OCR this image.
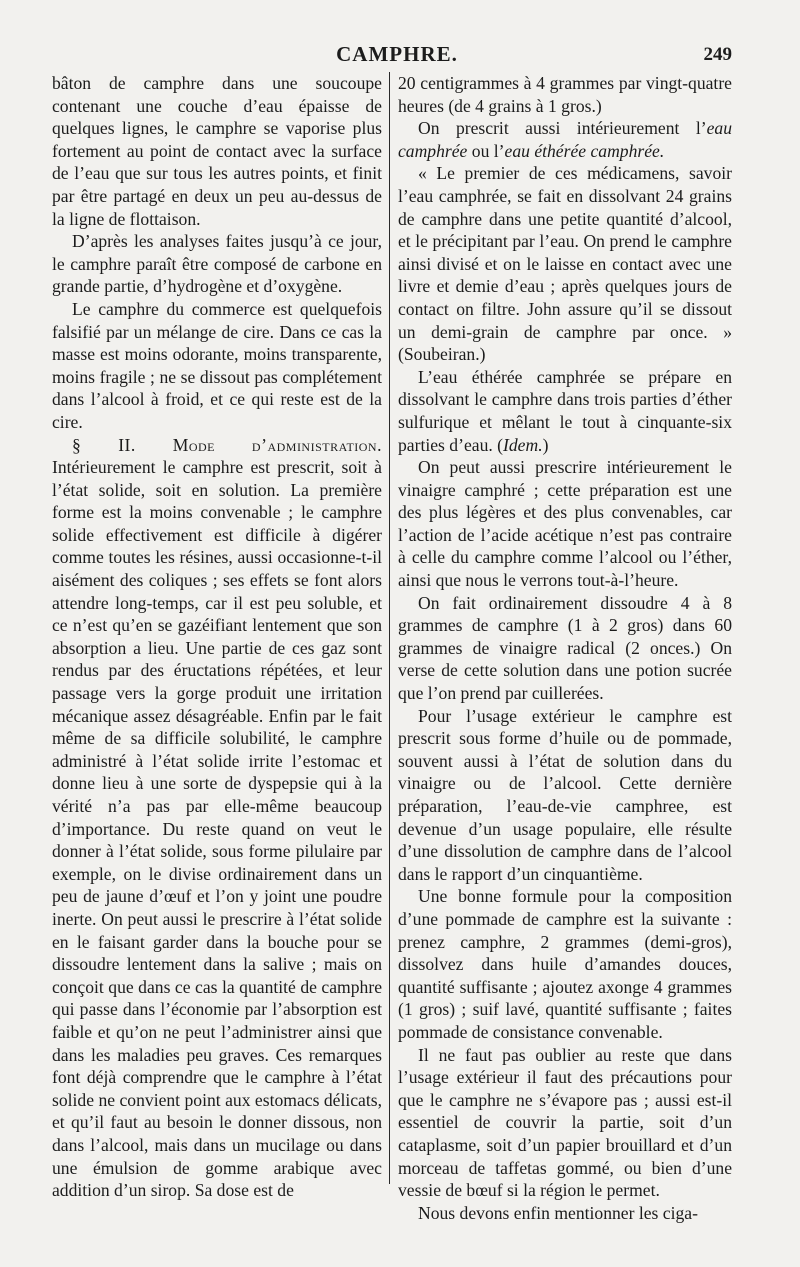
CAMPHRE.	249

bâton de camphre dans une soucoupe contenant une couche d’eau épaisse de quelques lignes, le camphre se vaporise plus fortement au point de contact avec la surface de l’eau que sur tous les autres points, et finit par être partagé en deux un peu au-dessus de la ligne de flottaison.

D’après les analyses faites jusqu’à ce jour, le camphre paraît être composé de carbone en grande partie, d’hydrogène et d’oxygène.

Le camphre du commerce est quelquefois falsifié par un mélange de cire. Dans ce cas la masse est moins odorante, moins transparente, moins fragile ; ne se dissout pas complétement dans l’alcool à froid, et ce qui reste est de la cire.

§ II. Mode d’administration. Intérieurement le camphre est prescrit, soit à l’état solide, soit en solution. La première forme est la moins convenable ; le camphre solide effectivement est difficile à digérer comme toutes les résines, aussi occasionne-t-il aisément des coliques ; ses effets se font alors attendre long-temps, car il est peu soluble, et ce n’est qu’en se gazéifiant lentement que son absorption a lieu. Une partie de ces gaz sont rendus par des éructations répétées, et leur passage vers la gorge produit une irritation mécanique assez désagréable. Enfin par le fait même de sa difficile solubilité, le camphre administré à l’état solide irrite l’estomac et donne lieu à une sorte de dyspepsie qui à la vérité n’a pas par elle-même beaucoup d’importance. Du reste quand on veut le donner à l’état solide, sous forme pilulaire par exemple, on le divise ordinairement dans un peu de jaune d’œuf et l’on y joint une poudre inerte. On peut aussi le prescrire à l’état solide en le faisant garder dans la bouche pour se dissoudre lentement dans la salive ; mais on conçoit que dans ce cas la quantité de camphre qui passe dans l’économie par l’absorption est faible et qu’on ne peut l’administrer ainsi que dans les maladies peu graves. Ces remarques font déjà comprendre que le camphre à l’état solide ne convient point aux estomacs délicats, et qu’il faut au besoin le donner dissous, non dans l’alcool, mais dans un mucilage ou dans une émulsion de gomme arabique avec addition d’un sirop. Sa dose est de

20 centigrammes à 4 grammes par vingt-quatre heures (de 4 grains à 1 gros.)

On prescrit aussi intérieurement l’eau camphrée ou l’eau éthérée camphrée.

« Le premier de ces médicamens, savoir l’eau camphrée, se fait en dissolvant 24 grains de camphre dans une petite quantité d’alcool, et le précipitant par l’eau. On prend le camphre ainsi divisé et on le laisse en contact avec une livre et demie d’eau ; après quelques jours de contact on filtre. John assure qu’il se dissout un demi-grain de camphre par once. » (Soubeiran.)

L’eau éthérée camphrée se prépare en dissolvant le camphre dans trois parties d’éther sulfurique et mêlant le tout à cinquante-six parties d’eau. (Idem.)

On peut aussi prescrire intérieurement le vinaigre camphré ; cette préparation est une des plus légères et des plus convenables, car l’action de l’acide acétique n’est pas contraire à celle du camphre comme l’alcool ou l’éther, ainsi que nous le verrons tout-à-l’heure.

On fait ordinairement dissoudre 4 à 8 grammes de camphre (1 à 2 gros) dans 60 grammes de vinaigre radical (2 onces.) On verse de cette solution dans une potion sucrée que l’on prend par cuillerées.

Pour l’usage extérieur le camphre est prescrit sous forme d’huile ou de pommade, souvent aussi à l’état de solution dans du vinaigre ou de l’alcool. Cette dernière préparation, l’eau-de-vie camphree, est devenue d’un usage populaire, elle résulte d’une dissolution de camphre dans de l’alcool dans le rapport d’un cinquantième.

Une bonne formule pour la composition d’une pommade de camphre est la suivante : prenez camphre, 2 grammes (demi-gros), dissolvez dans huile d’amandes douces, quantité suffisante ; ajoutez axonge 4 grammes (1 gros) ; suif lavé, quantité suffisante ; faites pommade de consistance convenable.

Il ne faut pas oublier au reste que dans l’usage extérieur il faut des précautions pour que le camphre ne s’évapore pas ; aussi est-il essentiel de couvrir la partie, soit d’un cataplasme, soit d’un papier brouillard et d’un morceau de taffetas gommé, ou bien d’une vessie de bœuf si la région le permet.

Nous devons enfin mentionner les ciga-
